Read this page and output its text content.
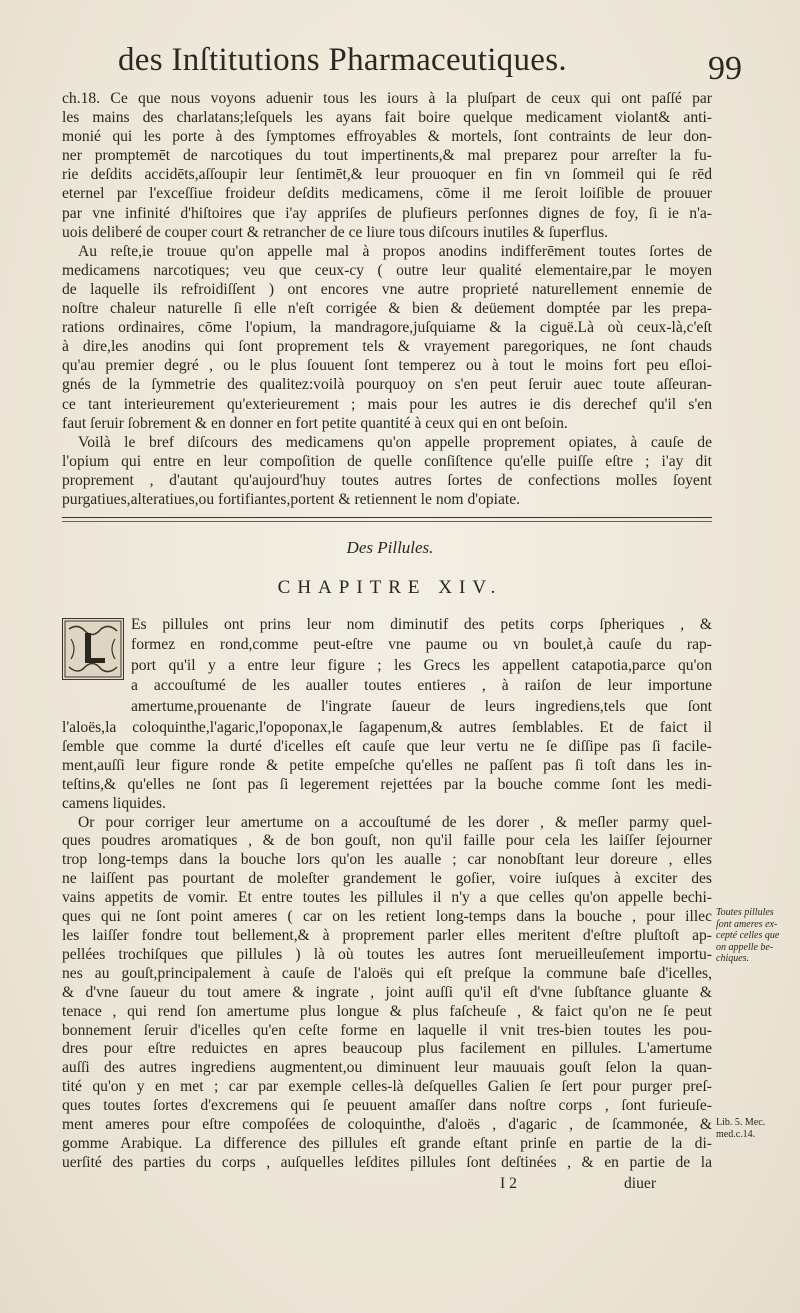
des Inſtitutions Pharmaceutiques.	99
ch.18. Ce que nous voyons aduenir tous les iours à la pluſpart de ceux qui ont paſſé par
les mains des charlatans;leſquels les ayans fait boire quelque medicament violant& anti-
monié qui les porte à des ſymptomes effroyables & mortels, ſont contraints de leur don-
ner promptemēt de narcotiques du tout impertinents,& mal preparez pour arreſter la fu-
rie deſdits accidēts,aſſoupir leur ſentimēt,& leur prouoquer en fin vn ſommeil qui ſe rēd
eternel par l'exceſſiue froideur deſdits medicamens, cōme il me ſeroit loiſible de prouuer
par vne infinité d'hiſtoires que i'ay appriſes de plufieurs perſonnes dignes de foy, ſi ie n'a-
uois deliberé de couper court & retrancher de ce liure tous diſcours inutiles & ſuperflus.
Au reſte,ie trouue qu'on appelle mal à propos anodins indifferēment toutes ſortes de
medicamens narcotiques; veu que ceux-cy ( outre leur qualité elementaire,par le moyen
de laquelle ils refroidiſſent ) ont encores vne autre proprieté naturellement ennemie de
noſtre chaleur naturelle ſi elle n'eſt corrigée & bien & deüement domptée par les prepa-
rations ordinaires, cōme l'opium, la mandragore,juſquiame & la ciguë.Là où ceux-là,c'eſt
à dire,les anodins qui ſont proprement tels & vrayement paregoriques, ne ſont chauds
qu'au premier degré , ou le plus ſouuent ſont temperez ou à tout le moins fort peu eſloi-
gnés de la ſymmetrie des qualitez:voilà pourquoy on s'en peut ſeruir auec toute aſſeuran-
ce tant interieurement qu'exterieurement ; mais pour les autres ie dis derechef qu'il s'en
faut ſeruir ſobrement & en donner en fort petite quantité à ceux qui en ont beſoin.
Voilà le bref diſcours des medicamens qu'on appelle proprement opiates, à cauſe de
l'opium qui entre en leur compoſition de quelle conſiſtence qu'elle puiſſe eſtre ; i'ay dit
proprement , d'autant qu'aujourd'huy toutes autres ſortes de confections molles ſoyent
purgatiues,alteratiues,ou fortifiantes,portent & retiennent le nom d'opiate.
Des Pillules.
CHAPITRE XIV.
Es pillules ont prins leur nom diminutif des petits corps ſpheriques , &
formez en rond,comme peut-eſtre vne paume ou vn boulet,à cauſe du rap-
port qu'il y a entre leur figure ; les Grecs les appellent catapotia,parce qu'on
a accouſtumé de les aualler toutes entieres , à raiſon de leur importune
amertume,prouenante de l'ingrate ſaueur de leurs ingrediens,tels que ſont
l'aloës,la coloquinthe,l'agaric,l'opoponax,le ſagapenum,& autres ſemblables. Et de faict il
ſemble que comme la durté d'icelles eſt cauſe que leur vertu ne ſe diſſipe pas ſi facile-
ment,auſſi leur figure ronde & petite empeſche qu'elles ne paſſent pas ſi toſt dans les in-
teſtins,& qu'elles ne ſont pas ſi legerement rejettées par la bouche comme ſont les medi-
camens liquides.
Or pour corriger leur amertume on a accouſtumé de les dorer , & meſler parmy quel-
ques poudres aromatiques , & de bon gouſt, non qu'il faille pour cela les laiſſer ſejourner
trop long-temps dans la bouche lors qu'on les aualle ; car nonobſtant leur doreure , elles
ne laiſſent pas pourtant de moleſter grandement le goſier, voire iuſques à exciter des
vains appetits de vomir. Et entre toutes les pillules il n'y a que celles qu'on appelle bechi-
ques qui ne ſont point ameres ( car on les retient long-temps dans la bouche , pour illec
les laiſſer fondre tout bellement,& à proprement parler elles meritent d'eſtre pluſtoſt ap-
pellées trochiſques que pillules ) là où toutes les autres ſont merueilleuſement importu-
nes au gouſt,principalement à cauſe de l'aloës qui eſt preſque la commune baſe d'icelles,
& d'vne ſaueur du tout amere & ingrate , joint auſſi qu'il eſt d'vne ſubſtance gluante &
tenace , qui rend ſon amertume plus longue & plus faſcheuſe , & faict qu'on ne ſe peut
bonnement ſeruir d'icelles qu'en ceſte forme en laquelle il vnit tres-bien toutes les pou-
dres pour eſtre reduictes en apres beaucoup plus facilement en pillules. L'amertume
auſſi des autres ingrediens augmentent,ou diminuent leur mauuais gouſt ſelon la quan-
tité qu'on y en met ; car par exemple celles-là deſquelles Galien ſe ſert pour purger preſ-
ques toutes ſortes d'excremens qui ſe peuuent amaſſer dans noſtre corps , ſont furieuſe-
ment ameres pour eſtre compoſées de coloquinthe, d'aloës , d'agaric , de ſcammonée, &
gomme Arabique. La difference des pillules eſt grande eſtant prinſe en partie de la di-
uerſité des parties du corps , auſquelles leſdites pillules ſont deſtinées , & en partie de la
Toutes pillules
ſont ameres ex-
cepté celles que
on appelle be-
chiques.
Lib. 5. Mec.
med.c.14.
I 2	diuer
